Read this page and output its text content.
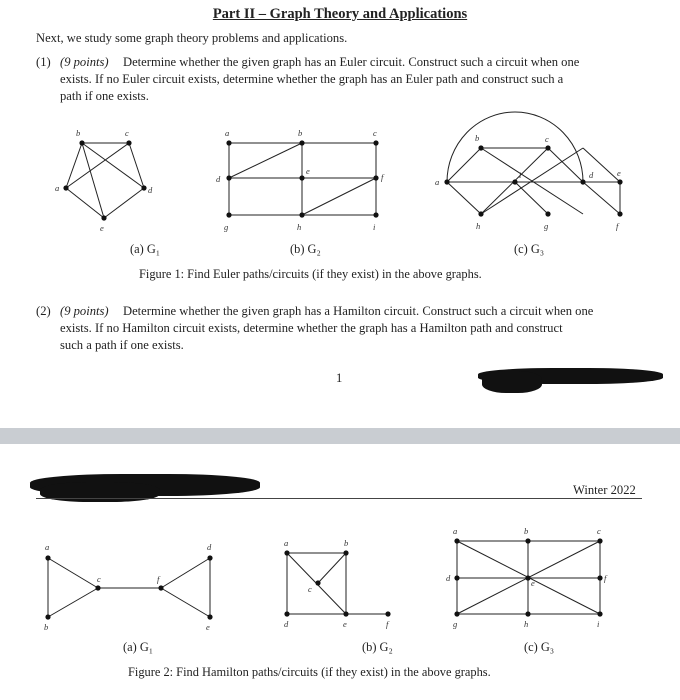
Part II – Graph Theory and Applications
Next, we study some graph theory problems and applications.
(1) (9 points) Determine whether the given graph has an Euler circuit. Construct such a circuit when one
exists. If no Euler circuit exists, determine whether the graph has an Euler path and construct such a
path if one exists.
(a) G₁	(b) G₂	(c) G₃
Figure 1: Find Euler paths/circuits (if they exist) in the above graphs.
(2) (9 points) Determine whether the given graph has a Hamilton circuit. Construct such a circuit when one
exists. If no Hamilton circuit exists, determine whether the graph has a Hamilton path and construct
such a path if one exists.
1
Winter 2022
(a) G₁	(b) G₂	(c) G₃
Figure 2: Find Hamilton paths/circuits (if they exist) in the above graphs.
b	c
a	d
e
a	b	c
d
e
f
g	h	i
a
b	c
i	d	e
h	g	f
a
b
c	f
d
e
a	b
c
d	e	f
a	b	c
d	e	f
g	h	i
